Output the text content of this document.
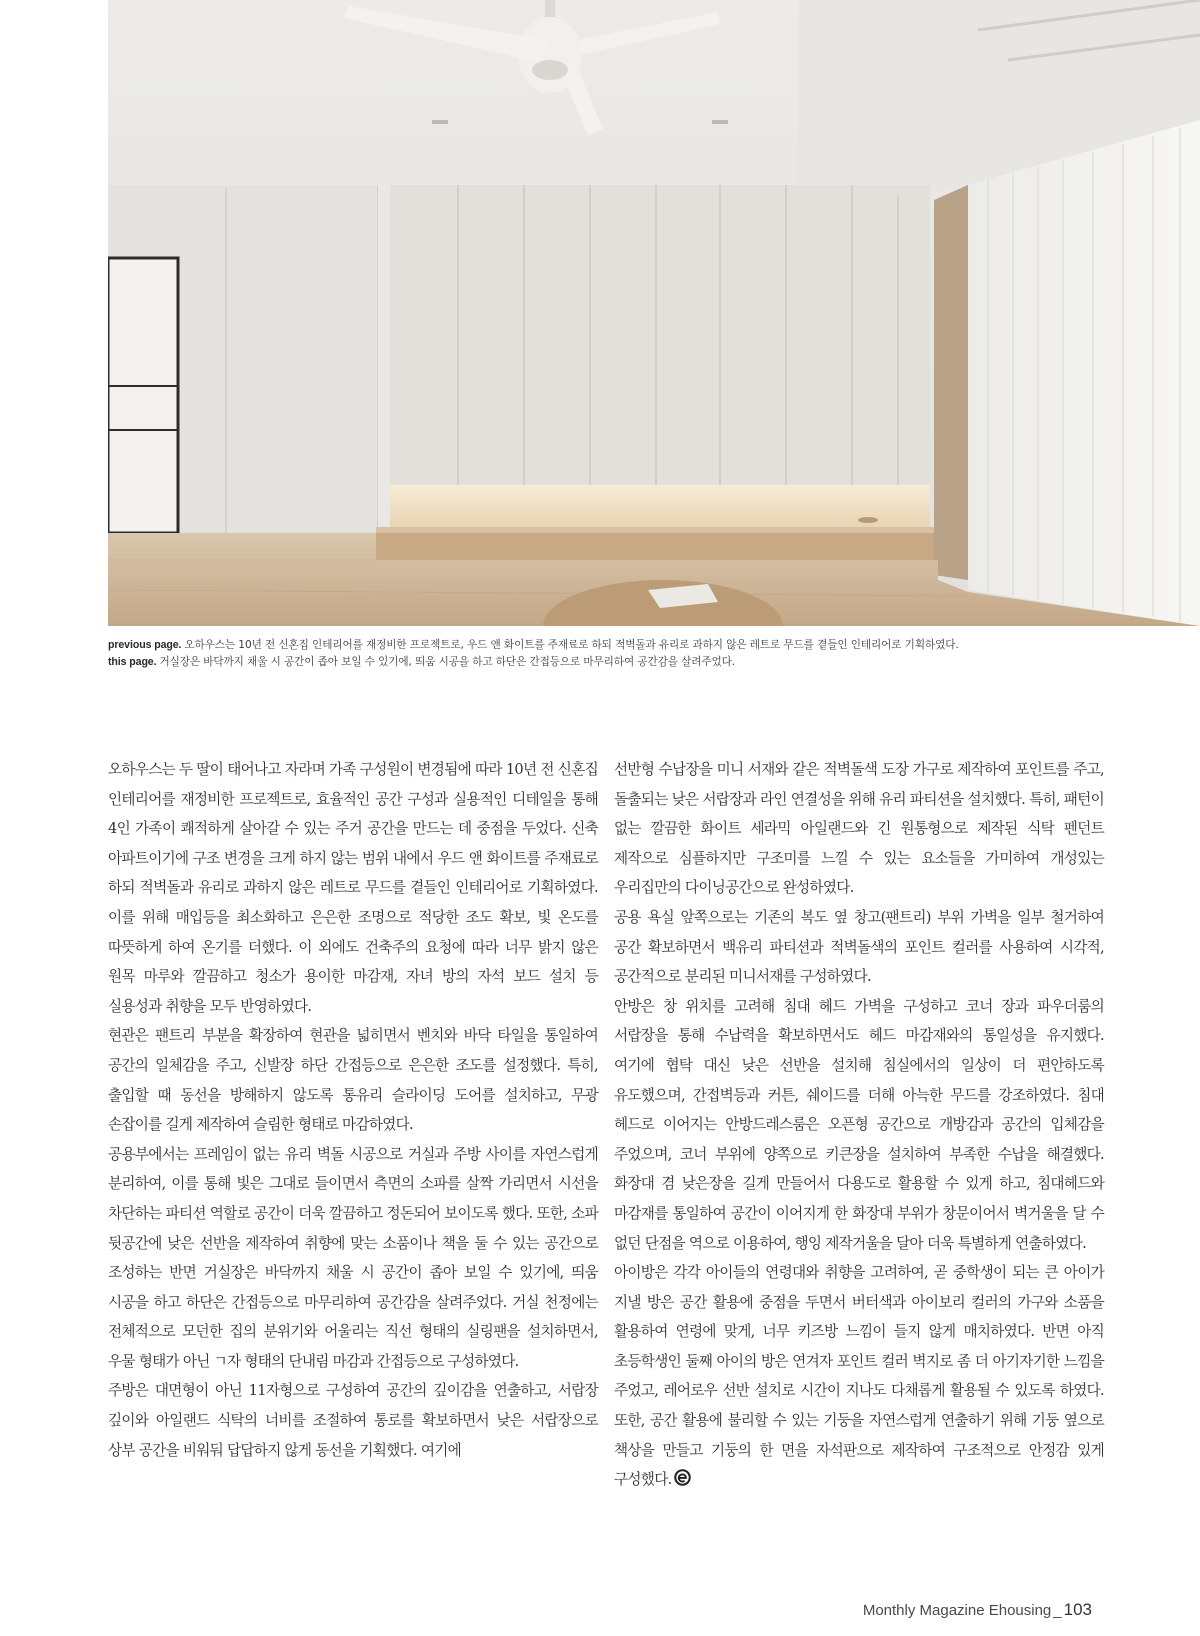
previous page. 오하우스는 10년 전 신혼집 인테리어를 재정비한 프로젝트로, 우드 앤 화이트를 주재료로 하되 적벽돌과 유리로 과하지 않은 레트로 무드를 곁들인 인테리어로 기획하였다.
this page. 거실장은 바닥까지 채울 시 공간이 좁아 보일 수 있기에, 띄움 시공을 하고 하단은 간접등으로 마무리하여 공간감을 살려주었다.

오하우스는 두 딸이 태어나고 자라며 가족 구성원이 변경됨에 따라 10년 전 신혼집 인테리어를 재정비한 프로젝트로, 효율적인 공간 구성과 실용적인 디테일을 통해 4인 가족이 쾌적하게 살아갈 수 있는 주거 공간을 만드는 데 중점을 두었다. 신축 아파트이기에 구조 변경을 크게 하지 않는 범위 내에서 우드 앤 화이트를 주재료로 하되 적벽돌과 유리로 과하지 않은 레트로 무드를 곁들인 인테리어로 기획하였다. 이를 위해 매입등을 최소화하고 은은한 조명으로 적당한 조도 확보, 빛 온도를 따뜻하게 하여 온기를 더했다. 이 외에도 건축주의 요청에 따라 너무 밝지 않은 원목 마루와 깔끔하고 청소가 용이한 마감재, 자녀 방의 자석 보드 설치 등 실용성과 취향을 모두 반영하였다.

현관은 팬트리 부분을 확장하여 현관을 넓히면서 벤치와 바닥 타일을 통일하여 공간의 일체감을 주고, 신발장 하단 간접등으로 은은한 조도를 설정했다. 특히, 출입할 때 동선을 방해하지 않도록 통유리 슬라이딩 도어를 설치하고, 무광 손잡이를 길게 제작하여 슬림한 형태로 마감하였다.

공용부에서는 프레임이 없는 유리 벽돌 시공으로 거실과 주방 사이를 자연스럽게 분리하여, 이를 통해 빛은 그대로 들이면서 측면의 소파를 살짝 가리면서 시선을 차단하는 파티션 역할로 공간이 더욱 깔끔하고 정돈되어 보이도록 했다. 또한, 소파 뒷공간에 낮은 선반을 제작하여 취향에 맞는 소품이나 책을 둘 수 있는 공간으로 조성하는 반면 거실장은 바닥까지 채울 시 공간이 좁아 보일 수 있기에, 띄움 시공을 하고 하단은 간접등으로 마무리하여 공간감을 살려주었다. 거실 천정에는 전체적으로 모던한 집의 분위기와 어울리는 직선 형태의 실링팬을 설치하면서, 우물 형태가 아닌 ㄱ자 형태의 단내림 마감과 간접등으로 구성하였다.

주방은 대면형이 아닌 11자형으로 구성하여 공간의 깊이감을 연출하고, 서랍장 깊이와 아일랜드 식탁의 너비를 조절하여 통로를 확보하면서 낮은 서랍장으로 상부 공간을 비워둬 답답하지 않게 동선을 기획했다. 여기에

선반형 수납장을 미니 서재와 같은 적벽돌색 도장 가구로 제작하여 포인트를 주고, 돌출되는 낮은 서랍장과 라인 연결성을 위해 유리 파티션을 설치했다. 특히, 패턴이 없는 깔끔한 화이트 세라믹 아일랜드와 긴 원통형으로 제작된 식탁 펜던트 제작으로 심플하지만 구조미를 느낄 수 있는 요소들을 가미하여 개성있는 우리집만의 다이닝공간으로 완성하였다.

공용 욕실 앞쪽으로는 기존의 복도 옆 창고(팬트리) 부위 가벽을 일부 철거하여 공간 확보하면서 백유리 파티션과 적벽돌색의 포인트 컬러를 사용하여 시각적, 공간적으로 분리된 미니서재를 구성하였다.

안방은 창 위치를 고려해 침대 헤드 가벽을 구성하고 코너 장과 파우더룸의 서랍장을 통해 수납력을 확보하면서도 헤드 마감재와의 통일성을 유지했다. 여기에 협탁 대신 낮은 선반을 설치해 침실에서의 일상이 더 편안하도록 유도했으며, 간접벽등과 커튼, 쉐이드를 더해 아늑한 무드를 강조하였다. 침대 헤드로 이어지는 안방드레스룸은 오픈형 공간으로 개방감과 공간의 입체감을 주었으며, 코너 부위에 양쪽으로 키큰장을 설치하여 부족한 수납을 해결했다. 화장대 겸 낮은장을 길게 만들어서 다용도로 활용할 수 있게 하고, 침대헤드와 마감재를 통일하여 공간이 이어지게 한 화장대 부위가 창문이어서 벽거울을 달 수 없던 단점을 역으로 이용하여, 행잉 제작거울을 달아 더욱 특별하게 연출하였다.

아이방은 각각 아이들의 연령대와 취향을 고려하여, 곧 중학생이 되는 큰 아이가 지낼 방은 공간 활용에 중점을 두면서 버터색과 아이보리 컬러의 가구와 소품을 활용하여 연령에 맞게, 너무 키즈방 느낌이 들지 않게 매치하였다. 반면 아직 초등학생인 둘째 아이의 방은 연겨자 포인트 컬러 벽지로 좀 더 아기자기한 느낌을 주었고, 레어로우 선반 설치로 시간이 지나도 다채롭게 활용될 수 있도록 하였다. 또한, 공간 활용에 불리할 수 있는 기둥을 자연스럽게 연출하기 위해 기둥 옆으로 책상을 만들고 기둥의 한 면을 자석판으로 제작하여 구조적으로 안정감 있게 구성했다.

Monthly Magazine Ehousing _ 103
